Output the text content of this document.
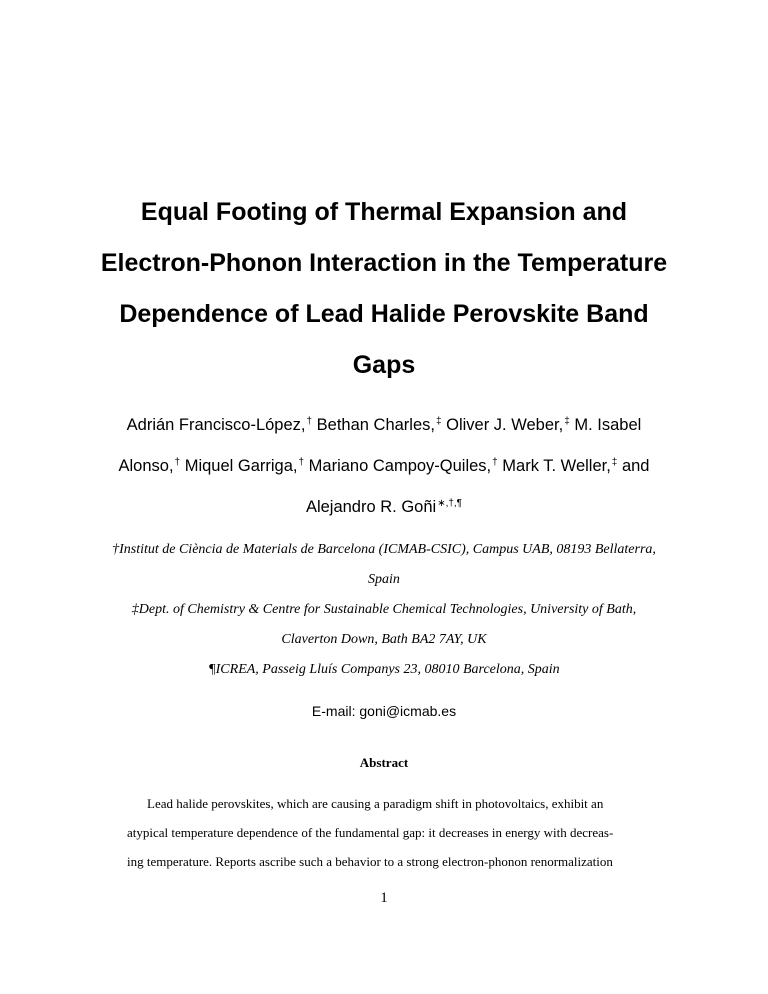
Equal Footing of Thermal Expansion and
Electron-Phonon Interaction in the Temperature
Dependence of Lead Halide Perovskite Band
Gaps
Adrián Francisco-López,† Bethan Charles,‡ Oliver J. Weber,‡ M. Isabel
Alonso,† Miquel Garriga,† Mariano Campoy-Quiles,† Mark T. Weller,‡ and
Alejandro R. Goñi∗,†,¶
†Institut de Ciència de Materials de Barcelona (ICMAB-CSIC), Campus UAB, 08193 Bellaterra,
Spain
‡Dept. of Chemistry & Centre for Sustainable Chemical Technologies, University of Bath,
Claverton Down, Bath BA2 7AY, UK
¶ICREA, Passeig Lluís Companys 23, 08010 Barcelona, Spain
E-mail: goni@icmab.es
Abstract
Lead halide perovskites, which are causing a paradigm shift in photovoltaics, exhibit an
atypical temperature dependence of the fundamental gap: it decreases in energy with decreas-
ing temperature. Reports ascribe such a behavior to a strong electron-phonon renormalization
1
